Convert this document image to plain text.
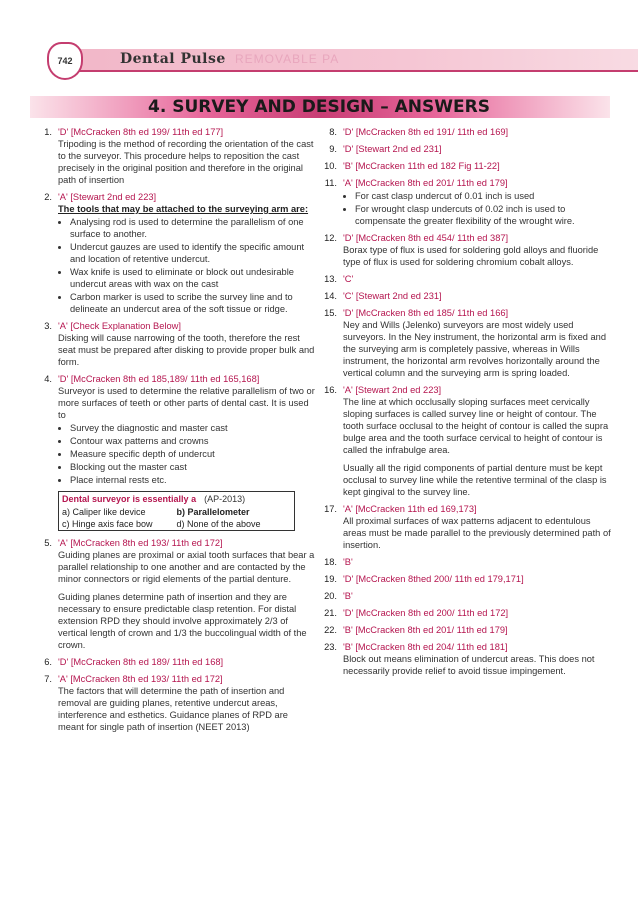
742	Dental Pulse REMOVABLE PA
4. SURVEY AND DESIGN – ANSWERS
1. 'D' [McCracken 8th ed 199/ 11th ed 177]
Tripoding is the method of recording the orientation of the cast to the surveyor. This procedure helps to reposition the cast precisely in the original position and therefore in the original path of insertion
2. 'A' [Stewart 2nd ed 223]
The tools that may be attached to the surveying arm are:
• Analysing rod is used to determine the parallelism of one surface to another.
• Undercut gauzes are used to identify the specific amount and location of retentive undercut.
• Wax knife is used to eliminate or block out undesirable undercut areas with wax on the cast
• Carbon marker is used to scribe the survey line and to delineate an undercut area of the soft tissue or ridge.
3. 'A' [Check Explanation Below]
Disking will cause narrowing of the tooth, therefore the rest seat must be prepared after disking to provide proper bulk and form.
4. 'D' [McCracken 8th ed 185,189/ 11th ed 165,168]
Surveyor is used to determine the relative parallelism of two or more surfaces of teeth or other parts of dental cast. It is used to
• Survey the diagnostic and master cast
• Contour wax patterns and crowns
• Measure specific depth of undercut
• Blocking out the master cast
• Place internal rests etc.
Dental surveyor is essentially a (AP-2013)
a) Caliper like device	b) Parallelometer
c) Hinge axis face bow	d) None of the above
5. 'A' [McCracken 8th ed 193/ 11th ed 172]
Guiding planes are proximal or axial tooth surfaces that bear a parallel relationship to one another and are contacted by the minor connectors or rigid elements of the partial denture.
Guiding planes determine path of insertion and they are necessary to ensure predictable clasp retention. For distal extension RPD they should involve approximately 2/3 of vertical length of crown and 1/3 the buccolingual width of the crown.
6. 'D' [McCracken 8th ed 189/ 11th ed 168]
7. 'A' [McCracken 8th ed 193/ 11th ed 172]
The factors that will determine the path of insertion and removal are guiding planes, retentive undercut areas, interference and esthetics. Guidance planes of RPD are meant for single path of insertion (NEET 2013)
8. 'D' [McCracken 8th ed 191/ 11th ed 169]
9. 'D' [Stewart 2nd ed 231]
10. 'B' [McCracken 11th ed 182 Fig 11-22]
11. 'A' [McCracken 8th ed 201/ 11th ed 179]
• For cast clasp undercut of 0.01 inch is used
• For wrought clasp undercuts of 0.02 inch is used to compensate the greater flexibility of the wrought wire.
12. 'D' [McCracken 8th ed 454/ 11th ed 387]
Borax type of flux is used for soldering gold alloys and fluoride type of flux is used for soldering chromium cobalt alloys.
13. 'C'
14. 'C' [Stewart 2nd ed 231]
15. 'D' [McCracken 8th ed 185/ 11th ed 166]
Ney and Wills (Jelenko) surveyors are most widely used surveyors. In the Ney instrument, the horizontal arm is fixed and the surveying arm is completely passive, whereas in Wills instrument, the horizontal arm revolves horizontally around the vertical column and the surveying arm is spring loaded.
16. 'A' [Stewart 2nd ed 223]
The line at which occlusally sloping surfaces meet cervically sloping surfaces is called survey line or height of contour. The tooth surface occlusal to the height of contour is called the supra bulge area and the tooth surface cervical to height of contour is called the infrabulge area.
Usually all the rigid components of partial denture must be kept occlusal to survey line while the retentive terminal of the clasp is kept gingival to the survey line.
17. 'A' [McCracken 11th ed 169,173]
All proximal surfaces of wax patterns adjacent to edentulous areas must be made parallel to the previously determined path of insertion.
18. 'B'
19. 'D' [McCracken 8thed 200/ 11th ed 179,171]
20. 'B'
21. 'D' [McCracken 8th ed 200/ 11th ed 172]
22. 'B' [McCracken 8th ed 201/ 11th ed 179]
23. 'B' [McCracken 8th ed 204/ 11th ed 181]
Block out means elimination of undercut areas. This does not necessarily provide relief to avoid tissue impingement.
